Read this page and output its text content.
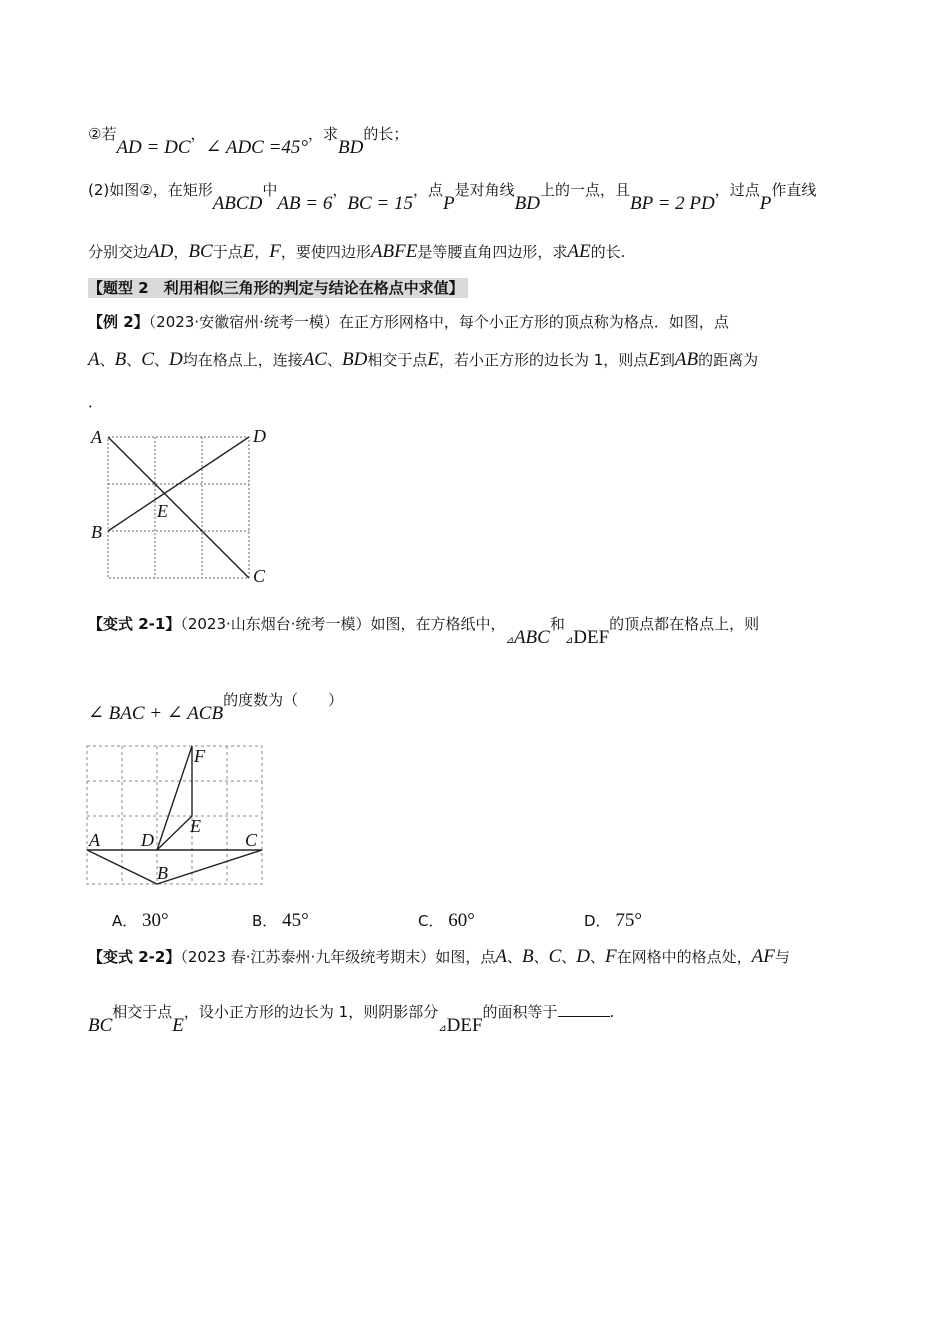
②若AD = DC，∠ ADC =45°，求BD的长；
(2)如图②，在矩形ABCD中AB = 6，BC = 15，点P是对角线BD上的一点，且BP = 2 PD，过点P作直线
分别交边AD，BC于点E，F，要使四边形ABFE是等腰直角四边形，求AE的长.
【题型 2　利用相似三角形的判定与结论在格点中求值】
【例 2】（2023·安徽宿州·统考一模）在正方形网格中，每个小正方形的顶点称为格点．如图，点
A、B、C、D均在格点上，连接AC、BD相交于点E，若小正方形的边长为 1，则点E到AB的距离为
．
A	D
B
E
C
【变式 2-1】（2023·山东烟台·统考一模）如图，在方格纸中，$_⊿$ABC和$_⊿$DEF的顶点都在格点上，则
∠ BAC + ∠ ACB的度数为（　　）
A D	C
B
E
F
A． 30°	B． 45°	C． 60°	D． 75°
【变式 2-2】（2023 春·江苏泰州·九年级统考期末）如图，点A、B、C、D、F在网格中的格点处，AF与
BC相交于点E，设小正方形的边长为 1，则阴影部分$_⊿$DEF的面积等于	.
